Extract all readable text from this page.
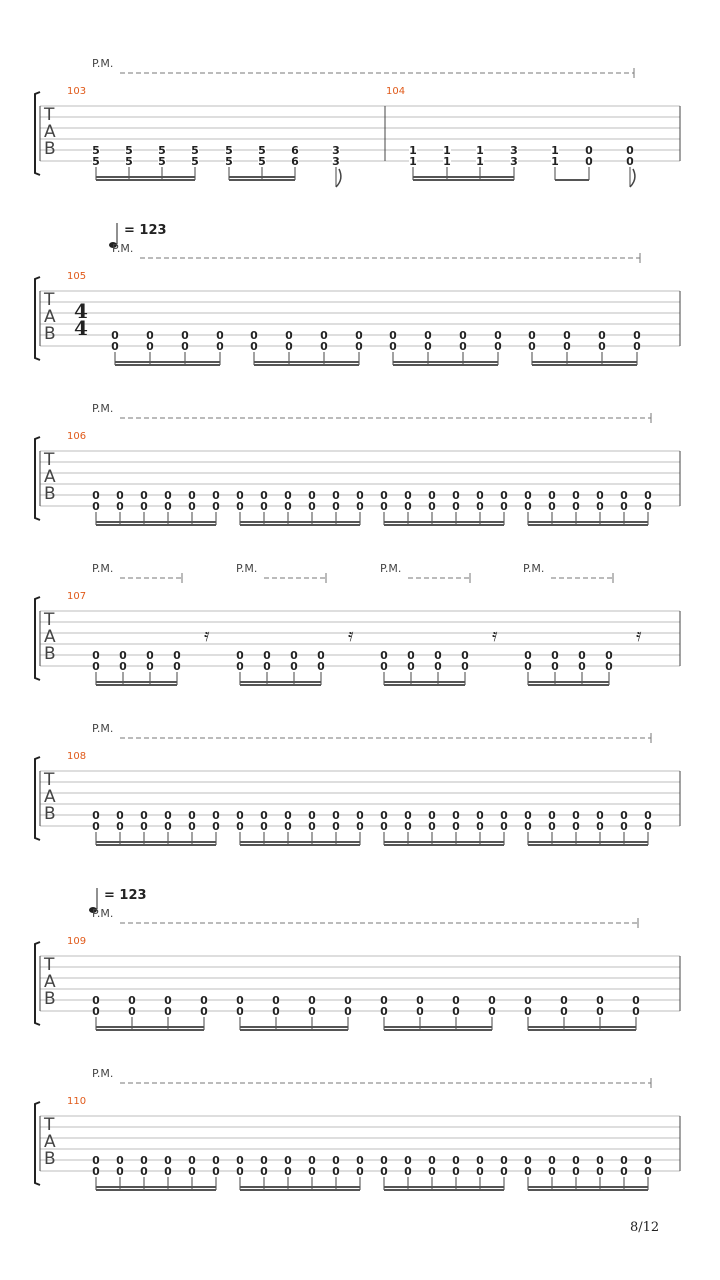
T
A
B
P.M.
103	104
5
5
5
5
5
5
5
5
5
5
5
5
6
6
3
3
1
1
1
1
1
1
3
3
1
1
0
0
0
0
T
A
B
= 123
105
P.M.
4
4 0
0
0
0
0
0
0
0
0
0
0
0
0
0
0
0
0
0
0
0
0
0
0
0
0
0
0
0
0
0
0
0
T
A
B
106
P.M.
0
0
0
0
0
0
0
0
0
0
0
0
0
0
0
0
0
0
0
0
0
0
0
0
0
0
0
0
0
0
0
0
0
0
0
0
0
0
0
0
0
0
0
0
0
0
0
0
P.M.	P.M.	P.M.	P.M.
T
A
B
107
0
0
0
0
0
0
0
0
𝄿
0
0
0
0
0
0
0
0
𝄿
0
0
0
0
0
0
0
0
𝄿
0
0
0
0
0
0
0
0
𝄿
T
A
B
108
P.M.
0
0
0
0
0
0
0
0
0
0
0
0
0
0
0
0
0
0
0
0
0
0
0
0
0
0
0
0
0
0
0
0
0
0
0
0
0
0
0
0
0
0
0
0
0
0
0
0
T
A
B
= 123
109
P.M.
0
0
0
0
0
0
0
0
0
0
0
0
0
0
0
0
0
0
0
0
0
0
0
0
0
0
0
0
0
0
0
0
T
A
B
110
P.M.
0
0
0
0
0
0
0
0
0
0
0
0
0
0
0
0
0
0
0
0
0
0
0
0
0
0
0
0
0
0
0
0
0
0
0
0
0
0
0
0
0
0
0
0
0
0
0
0
8/12
